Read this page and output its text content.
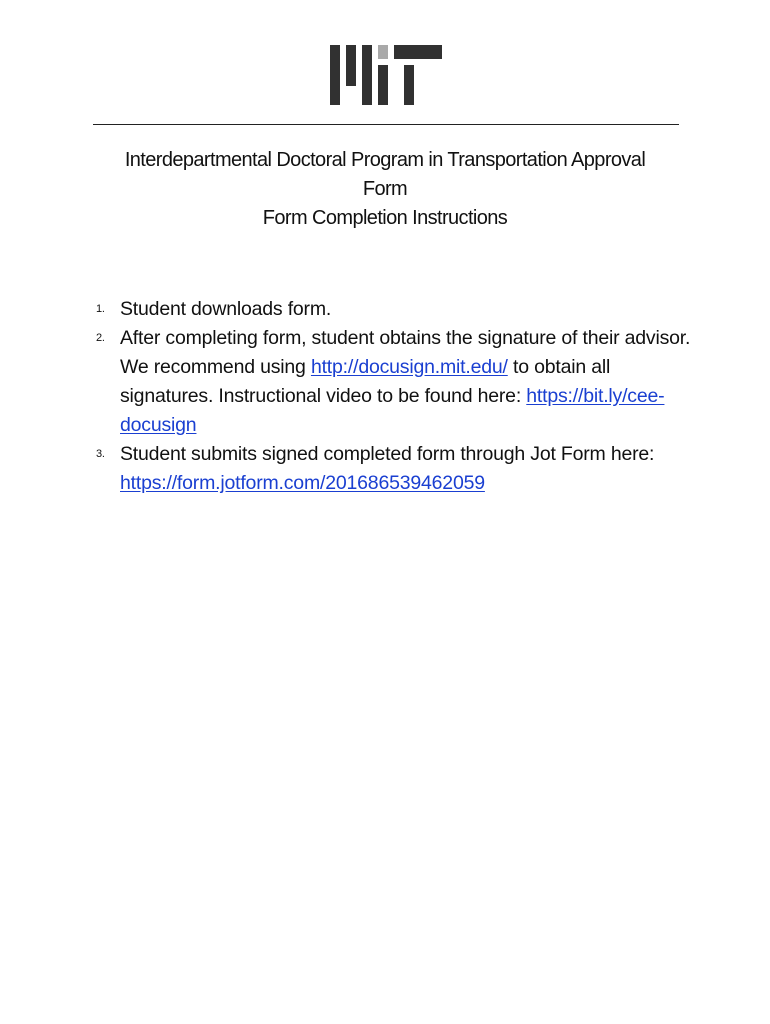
Interdepartmental Doctoral Program in Transportation Approval
Form
Form Completion Instructions
1. Student downloads form.
2. After completing form, student obtains the signature of their advisor. We recommend using http://docusign.mit.edu/ to obtain all signatures. Instructional video to be found here: https://bit.ly/cee-docusign
3. Student submits signed completed form through Jot Form here: https://form.jotform.com/201686539462059
